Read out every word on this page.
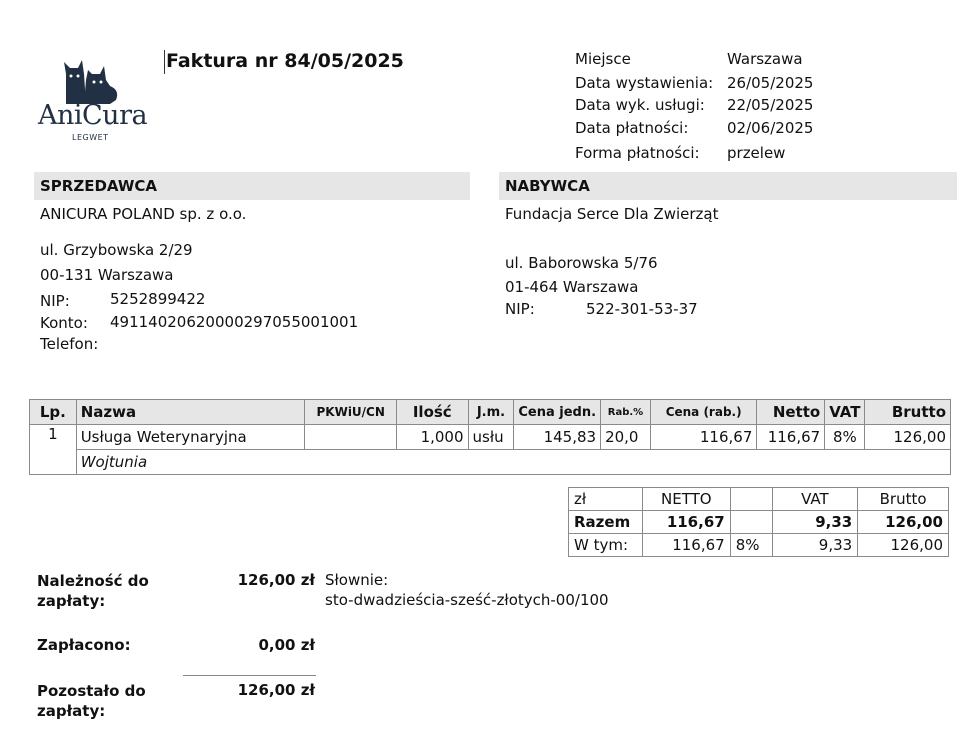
AniCura
LEGWET
Faktura nr 84/05/2025	Miejsce	Warszawa
Data wystawienia: 26/05/2025
Data wyk. usługi: 22/05/2025
Data płatności:	02/06/2025
Forma płatności: przelew
SPRZEDAWCA
ANICURA POLAND sp. z o.o.
ul. Grzybowska 2/29
00-131 Warszawa
NIP:	5252899422
Konto: 49114020620000297055001001
Telefon:
NABYWCA
Fundacja Serce Dla Zwierząt
ul. Baborowska 5/76
01-464 Warszawa
NIP:	522-301-53-37
Lp.	Nazwa	PKWiU/CN	Ilość	J.m.	Cena jedn.	Rab.%	Cena (rab.)	Netto	VAT	Brutto
1	Usługa Weterynaryjna		1,000	usłu	145,83	20,0	116,67	116,67	8%	126,00
	Wojtunia									
zł	NETTO		VAT	Brutto
Razem	116,67		9,33	126,00
W tym:	116,67	8%	9,33	126,00
Należność do zapłaty:
126,00 zł Słownie:
sto-dwadzieścia-sześć-złotych-00/100
Zapłacono:	0,00 zł
Pozostało do zapłaty:
126,00 zł
